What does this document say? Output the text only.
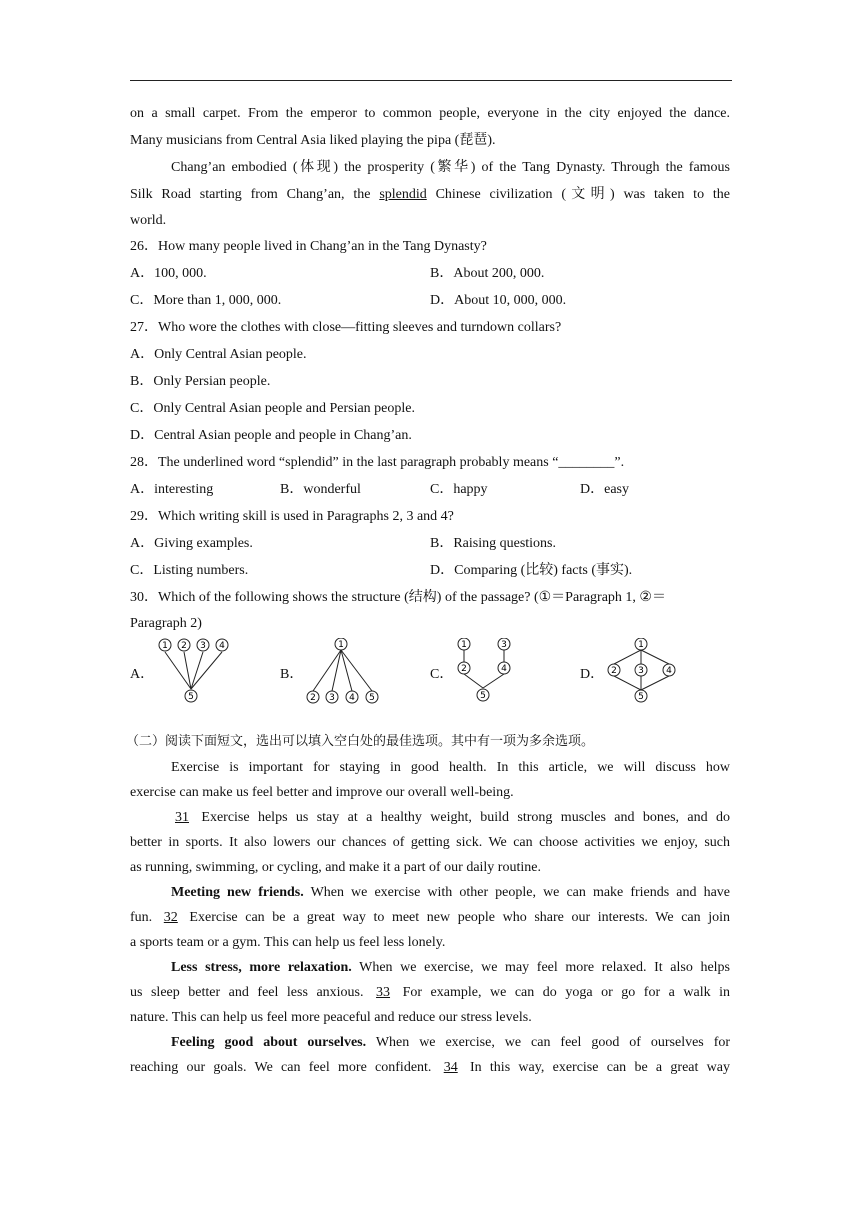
on a small carpet. From the emperor to common people, everyone in the city enjoyed the dance.
Many musicians from Central Asia liked playing the pipa (琵琶).
Chang’an embodied (体现) the prosperity (繁华) of the Tang Dynasty. Through the famous
Silk Road starting from Chang’an, the splendid Chinese civilization (文明) was taken to the
world.
26．How many people lived in Chang’an in the Tang Dynasty?
A．100, 000.	B．About 200, 000.
C．More than 1, 000, 000.	D．About 10, 000, 000.
27．Who wore the clothes with close—fitting sleeves and turndown collars?
A．Only Central Asian people.
B．Only Persian people.
C．Only Central Asian people and Persian people.
D．Central Asian people and people in Chang’an.
28．The underlined word “splendid” in the last paragraph probably means “________”.
A．interesting	B．wonderful	C．happy	D．easy
29．Which writing skill is used in Paragraphs 2, 3 and 4?
A．Giving examples.	B．Raising questions.
C．Listing numbers.	D．Comparing (比较) facts (事实).
30．Which of the following shows the structure (结构) of the passage? (①＝Paragraph 1, ②＝
Paragraph 2)
A．
1 2 3 4
5
B．
1
2 3 4 5
C．
1	3
2	4
5
D．
1
2 3 4
5
（二）阅读下面短文，选出可以填入空白处的最佳选项。其中有一项为多余选项。
Exercise is important for staying in good health. In this article, we will discuss how
exercise can make us feel better and improve our overall well-being.
31 Exercise helps us stay at a healthy weight, build strong muscles and bones, and do
better in sports. It also lowers our chances of getting sick. We can choose activities we enjoy, such
as running, swimming, or cycling, and make it a part of our daily routine.
Meeting new friends. When we exercise with other people, we can make friends and have
fun. 32 Exercise can be a great way to meet new people who share our interests. We can join
a sports team or a gym. This can help us feel less lonely.
Less stress, more relaxation. When we exercise, we may feel more relaxed. It also helps
us sleep better and feel less anxious. 33 For example, we can do yoga or go for a walk in
nature. This can help us feel more peaceful and reduce our stress levels.
Feeling good about ourselves. When we exercise, we can feel good of ourselves for
reaching our goals. We can feel more confident. 34 In this way, exercise can be a great way
